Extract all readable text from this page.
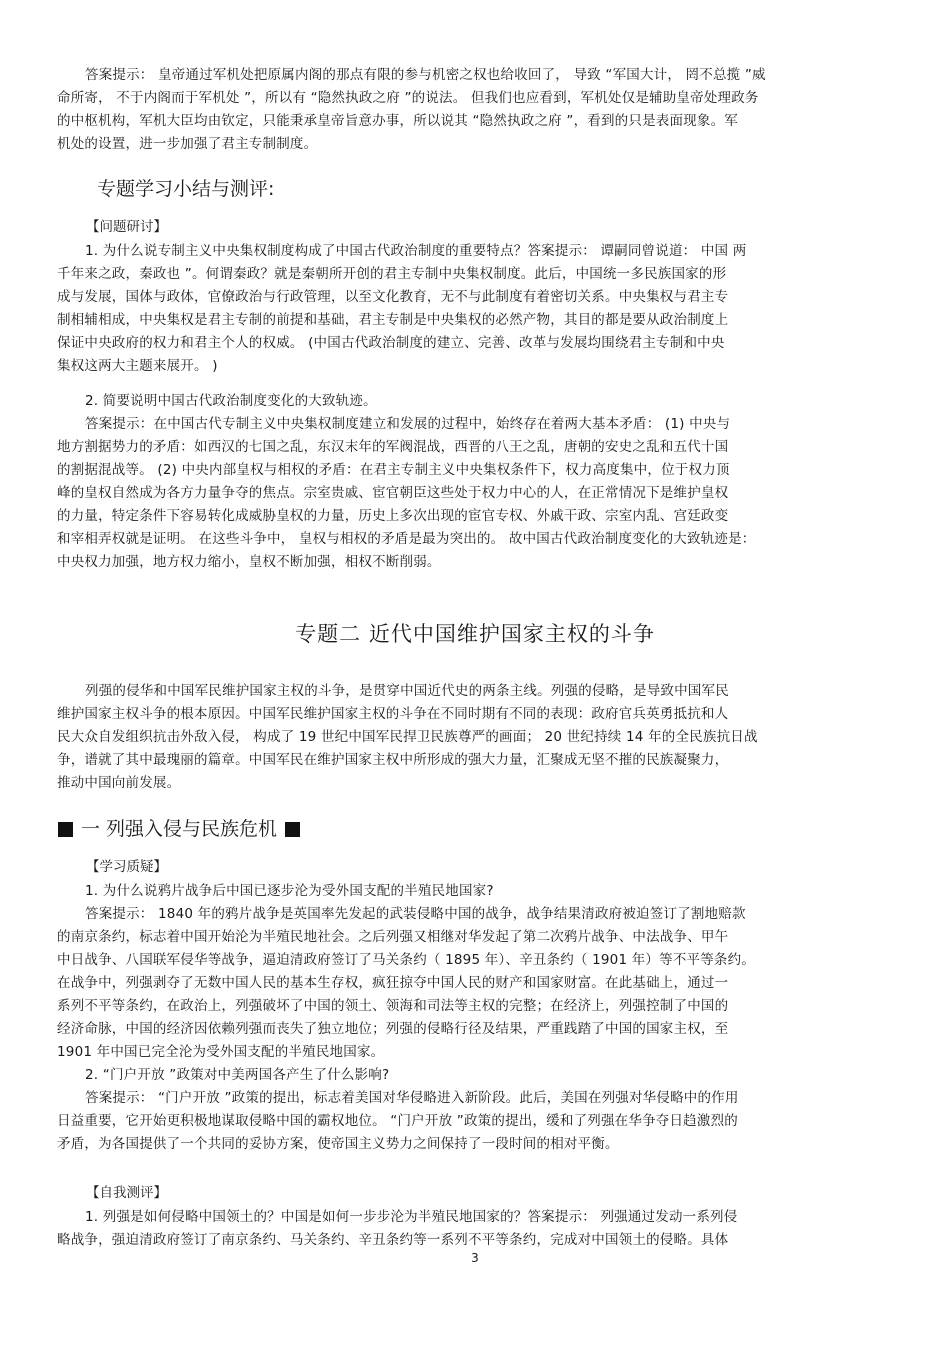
答案提示： 皇帝通过军机处把原属内阁的那点有限的参与机密之权也给收回了， 导致 “军国大计， 罔不总揽 ”威
命所寄， 不于内阁而于军机处 ”，所以有 “隐然执政之府 ”的说法。 但我们也应看到，军机处仅是辅助皇帝处理政务
的中枢机构，军机大臣均由钦定，只能秉承皇帝旨意办事，所以说其 “隐然执政之府 ”，看到的只是表面现象。军
机处的设置，进一步加强了君主专制制度。
专题学习小结与测评:
【问题研讨】
1. 为什么说专制主义中央集权制度构成了中国古代政治制度的重要特点？答案提示： 谭嗣同曾说道： 中国 两
千年来之政，秦政也 ”。何谓秦政？就是秦朝所开创的君主专制中央集权制度。此后，中国统一多民族国家的形
成与发展，国体与政体，官僚政治与行政管理，以至文化教育，无不与此制度有着密切关系。中央集权与君主专
制相辅相成，中央集权是君主专制的前提和基础，君主专制是中央集权的必然产物，其目的都是要从政治制度上
保证中央政府的权力和君主个人的权威。 (中国古代政治制度的建立、完善、改革与发展均围绕君主专制和中央
集权这两大主题来展开。 )
2. 简要说明中国古代政治制度变化的大致轨迹。
答案提示：在中国古代专制主义中央集权制度建立和发展的过程中，始终存在着两大基本矛盾： (1) 中央与
地方割据势力的矛盾：如西汉的七国之乱，东汉末年的军阀混战，西晋的八王之乱，唐朝的安史之乱和五代十国
的割据混战等。 (2) 中央内部皇权与相权的矛盾：在君主专制主义中央集权条件下，权力高度集中，位于权力顶
峰的皇权自然成为各方力量争夺的焦点。宗室贵戚、宦官朝臣这些处于权力中心的人，在正常情况下是维护皇权
的力量，特定条件下容易转化成威胁皇权的力量，历史上多次出现的宦官专权、外戚干政、宗室内乱、宫廷政变
和宰相弄权就是证明。 在这些斗争中， 皇权与相权的矛盾是最为突出的。 故中国古代政治制度变化的大致轨迹是：
中央权力加强，地方权力缩小，皇权不断加强，相权不断削弱。
专题二 近代中国维护国家主权的斗争
列强的侵华和中国军民维护国家主权的斗争，是贯穿中国近代史的两条主线。列强的侵略，是导致中国军民
维护国家主权斗争的根本原因。中国军民维护国家主权的斗争在不同时期有不同的表现：政府官兵英勇抵抗和人
民大众自发组织抗击外敌入侵， 构成了 19 世纪中国军民捍卫民族尊严的画面； 20 世纪持续 14 年的全民族抗日战
争，谱就了其中最瑰丽的篇章。中国军民在维护国家主权中所形成的强大力量，汇聚成无坚不摧的民族凝聚力，
推动中国向前发展。
一 列强入侵与民族危机
【学习质疑】
1. 为什么说鸦片战争后中国已逐步沦为受外国支配的半殖民地国家?
答案提示： 1840 年的鸦片战争是英国率先发起的武装侵略中国的战争，战争结果清政府被迫签订了割地赔款
的南京条约，标志着中国开始沦为半殖民地社会。之后列强又相继对华发起了第二次鸦片战争、中法战争、甲午
中日战争、八国联军侵华等战争，逼迫清政府签订了马关条约（ 1895 年）、辛丑条约（ 1901 年）等不平等条约。
在战争中，列强剥夺了无数中国人民的基本生存权，疯狂掠夺中国人民的财产和国家财富。在此基础上，通过一
系列不平等条约，在政治上，列强破坏了中国的领土、领海和司法等主权的完整；在经济上，列强控制了中国的
经济命脉，中国的经济因依赖列强而丧失了独立地位；列强的侵略行径及结果，严重践踏了中国的国家主权，至
1901 年中国已完全沦为受外国支配的半殖民地国家。
2. “门户开放 ”政策对中美两国各产生了什么影响?
答案提示： “门户开放 ”政策的提出，标志着美国对华侵略进入新阶段。此后，美国在列强对华侵略中的作用
日益重要，它开始更积极地谋取侵略中国的霸权地位。 “门户开放 ”政策的提出，缓和了列强在华争夺日趋激烈的
矛盾，为各国提供了一个共同的妥协方案，使帝国主义势力之间保持了一段时间的相对平衡。
【自我测评】
1. 列强是如何侵略中国领土的？中国是如何一步步沦为半殖民地国家的？答案提示： 列强通过发动一系列侵
略战争，强迫清政府签订了南京条约、马关条约、辛丑条约等一系列不平等条约，完成对中国领土的侵略。具体
3
